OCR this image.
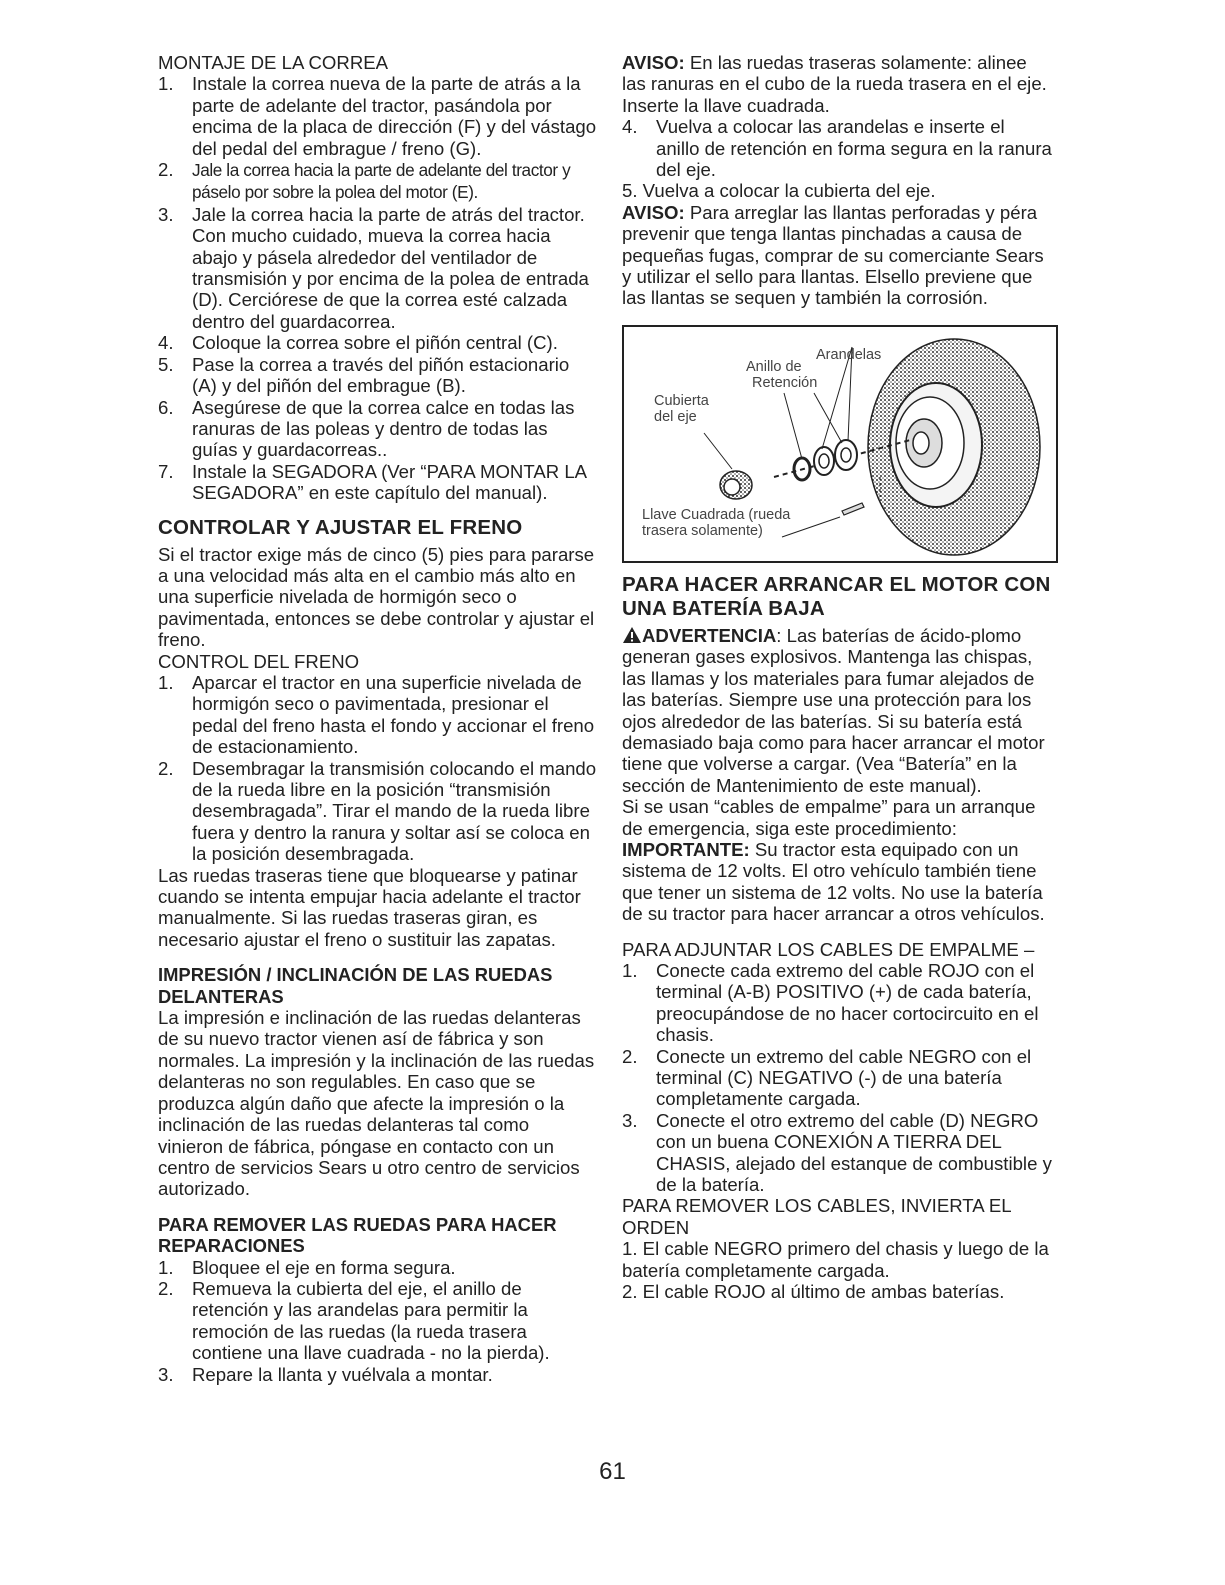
MONTAJE DE LA CORREA
1. Instale la correa nueva de la parte de atrás a la parte de adelante del tractor, pasándola por encima de la placa de dirección (F) y del vástago del pedal del embrague / freno (G).
2. Jale la correa hacia la parte de adelante del tractor y páselo por sobre la polea del motor (E).
3. Jale la correa hacia la parte de atrás del tractor. Con mucho cuidado, mueva la correa hacia abajo y pásela alrededor del ventilador de transmisión y por encima de la polea de entrada (D). Cerciórese de que la correa esté calzada dentro del guardacorrea.
4. Coloque la correa sobre el piñón central (C).
5. Pase la correa a través del piñón estacionario (A) y del piñón del embrague (B).
6. Asegúrese de que la correa calce en todas las ranuras de las poleas y dentro de todas las guías y guardacorreas..
7. Instale la SEGADORA (Ver “PARA MONTAR LA SEGADORA” en este capítulo del manual).
CONTROLAR Y AJUSTAR EL FRENO

Si el tractor exige más de cinco (5) pies para pararse a una velocidad más alta en el cambio más alto en una superficie nivelada de hormigón seco o pavimentada, entonces se debe controlar y ajustar el freno.

CONTROL DEL FRENO
1. Aparcar el tractor en una superficie nivelada de hormigón seco o pavimentada, presionar el pedal del freno hasta el fondo y accionar el freno de estacionamiento.
2. Desembragar la transmisión colocando el mando de la rueda libre en la posición “transmisión desembragada”. Tirar el mando de la rueda libre fuera y dentro la ranura y soltar así se coloca en la posición desembragada.

Las ruedas traseras tiene que bloquearse y patinar cuando se intenta empujar hacia adelante el tractor manualmente. Si las ruedas traseras giran, es necesario ajustar el freno o sustituir las zapatas.

IMPRESIÓN / INCLINACIÓN DE LAS RUEDAS DELANTERAS

La impresión e inclinación de las ruedas delanteras de su nuevo tractor vienen así de fábrica y son normales. La impresión y la inclinación de las ruedas delanteras no son regulables. En caso que se produzca algún daño que afecte la impresión o la inclinación de las ruedas delanteras tal como vinieron de fábrica, póngase en contacto con un centro de servicios Sears u otro centro de servicios autorizado.

PARA REMOVER LAS RUEDAS PARA HACER REPARACIONES
1. Bloquee el eje en forma segura.
2. Remueva la cubierta del eje, el anillo de retención y las arandelas para permitir la remoción de las ruedas (la rueda trasera contiene una llave cuadrada - no la pierda).
3. Repare la llanta y vuélvala a montar.

AVISO: En las ruedas traseras solamente: alinee las ranuras en el cubo de la rueda trasera en el eje. Inserte la llave cuadrada.

4. Vuelva a colocar las arandelas e inserte el anillo de retención en forma segura en la ranura del eje.
5. Vuelva a colocar la cubierta del eje.

AVISO: Para arreglar las llantas perforadas y péra prevenir que tenga llantas pinchadas a causa de pequeñas fugas, comprar de su comerciante Sears y utilizar el sello para llantas. Elsello previene que las llantas se sequen y también la corrosión.

Arandelas
Anillo de
Retención
Cubierta
del eje
Llave Cuadrada (rueda
trasera solamente)
PARA HACER ARRANCAR EL MOTOR CON UNA BATERÍA BAJA

ADVERTENCIA: Las baterías de ácido-plomo generan gases explosivos. Mantenga las chispas, las llamas y los materiales para fumar alejados de las baterías. Siempre use una protección para los ojos alrededor de las baterías. Si su batería está demasiado baja como para hacer arrancar el motor tiene que volverse a cargar. (Vea “Batería” en la sección de Mantenimiento de este manual).

Si se usan “cables de empalme” para un arranque de emergencia, siga este procedimiento:

IMPORTANTE: Su tractor esta equipado con un sistema de 12 volts. El otro vehículo también tiene que tener un sistema de 12 volts. No use la batería de su tractor para hacer arrancar a otros vehículos.

PARA ADJUNTAR LOS CABLES DE EMPALME –
1. Conecte cada extremo del cable ROJO con el terminal (A-B) POSITIVO (+) de cada batería, preocupándose de no hacer cortocircuito en el chasis.
2. Conecte un extremo del cable NEGRO con el terminal (C) NEGATIVO (-) de una batería completamente cargada.
3. Conecte el otro extremo del cable (D) NEGRO con un buena CONEXIÓN A TIERRA DEL CHASIS, alejado del estanque de combustible y de la batería.
PARA REMOVER LOS CABLES, INVIERTA EL ORDEN
1. El cable NEGRO primero del chasis y luego de la batería completamente cargada.
2. El cable ROJO al último de ambas baterías.
61
